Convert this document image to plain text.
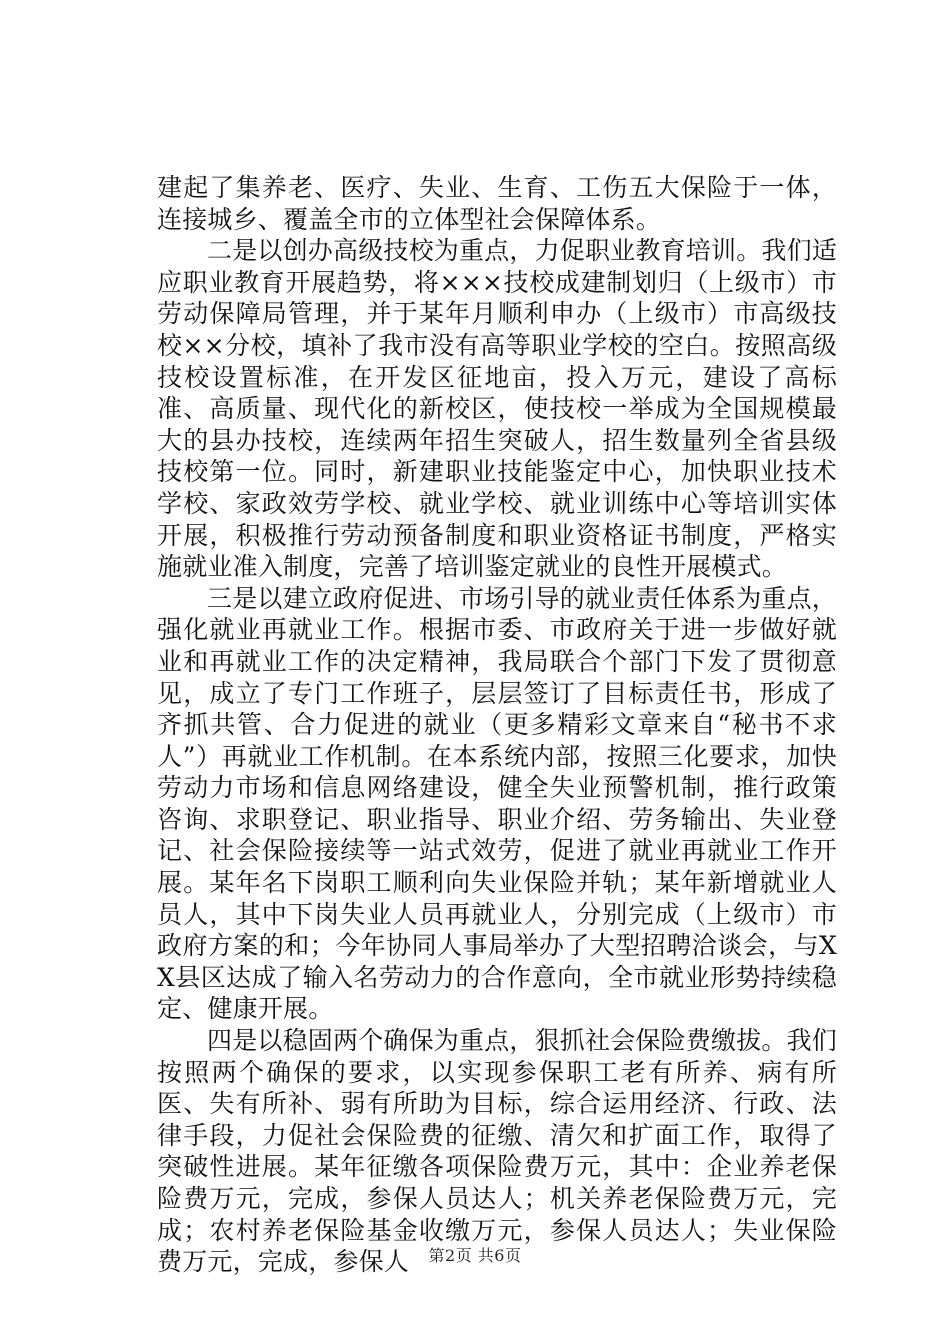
建起了集养老、医疗、失业、生育、工伤五大保险于一体，连接城乡、覆盖全市的立体型社会保障体系。

二是以创办高级技校为重点，力促职业教育培训。我们适应职业教育开展趋势，将×××技校成建制划归（上级市）市劳动保障局管理，并于某年月顺利申办（上级市）市高级技校××分校，填补了我市没有高等职业学校的空白。按照高级技校设置标准，在开发区征地亩，投入万元，建设了高标准、高质量、现代化的新校区，使技校一举成为全国规模最大的县办技校，连续两年招生突破人，招生数量列全省县级技校第一位。同时，新建职业技能鉴定中心，加快职业技术学校、家政效劳学校、就业学校、就业训练中心等培训实体开展，积极推行劳动预备制度和职业资格证书制度，严格实施就业准入制度，完善了培训鉴定就业的良性开展模式。

三是以建立政府促进、市场引导的就业责任体系为重点，强化就业再就业工作。根据市委、市政府关于进一步做好就业和再就业工作的决定精神，我局联合个部门下发了贯彻意见，成立了专门工作班子，层层签订了目标责任书，形成了齐抓共管、合力促进的就业（更多精彩文章来自“秘书不求人”）再就业工作机制。在本系统内部，按照三化要求，加快劳动力市场和信息网络建设，健全失业预警机制，推行政策咨询、求职登记、职业指导、职业介绍、劳务输出、失业登记、社会保险接续等一站式效劳，促进了就业再就业工作开展。某年名下岗职工顺利向失业保险并轨；某年新增就业人员人，其中下岗失业人员再就业人，分别完成（上级市）市政府方案的和；今年协同人事局举办了大型招聘洽谈会，与XX县区达成了输入名劳动力的合作意向，全市就业形势持续稳定、健康开展。

四是以稳固两个确保为重点，狠抓社会保险费缴拔。我们按照两个确保的要求，以实现参保职工老有所养、病有所医、失有所补、弱有所助为目标，综合运用经济、行政、法律手段，力促社会保险费的征缴、清欠和扩面工作，取得了突破性进展。某年征缴各项保险费万元，其中：企业养老保险费万元，完成，参保人员达人；机关养老保险费万元，完成；农村养老保险基金收缴万元，参保人员达人；失业保险费万元，完成，参保人	第2页 共6页
